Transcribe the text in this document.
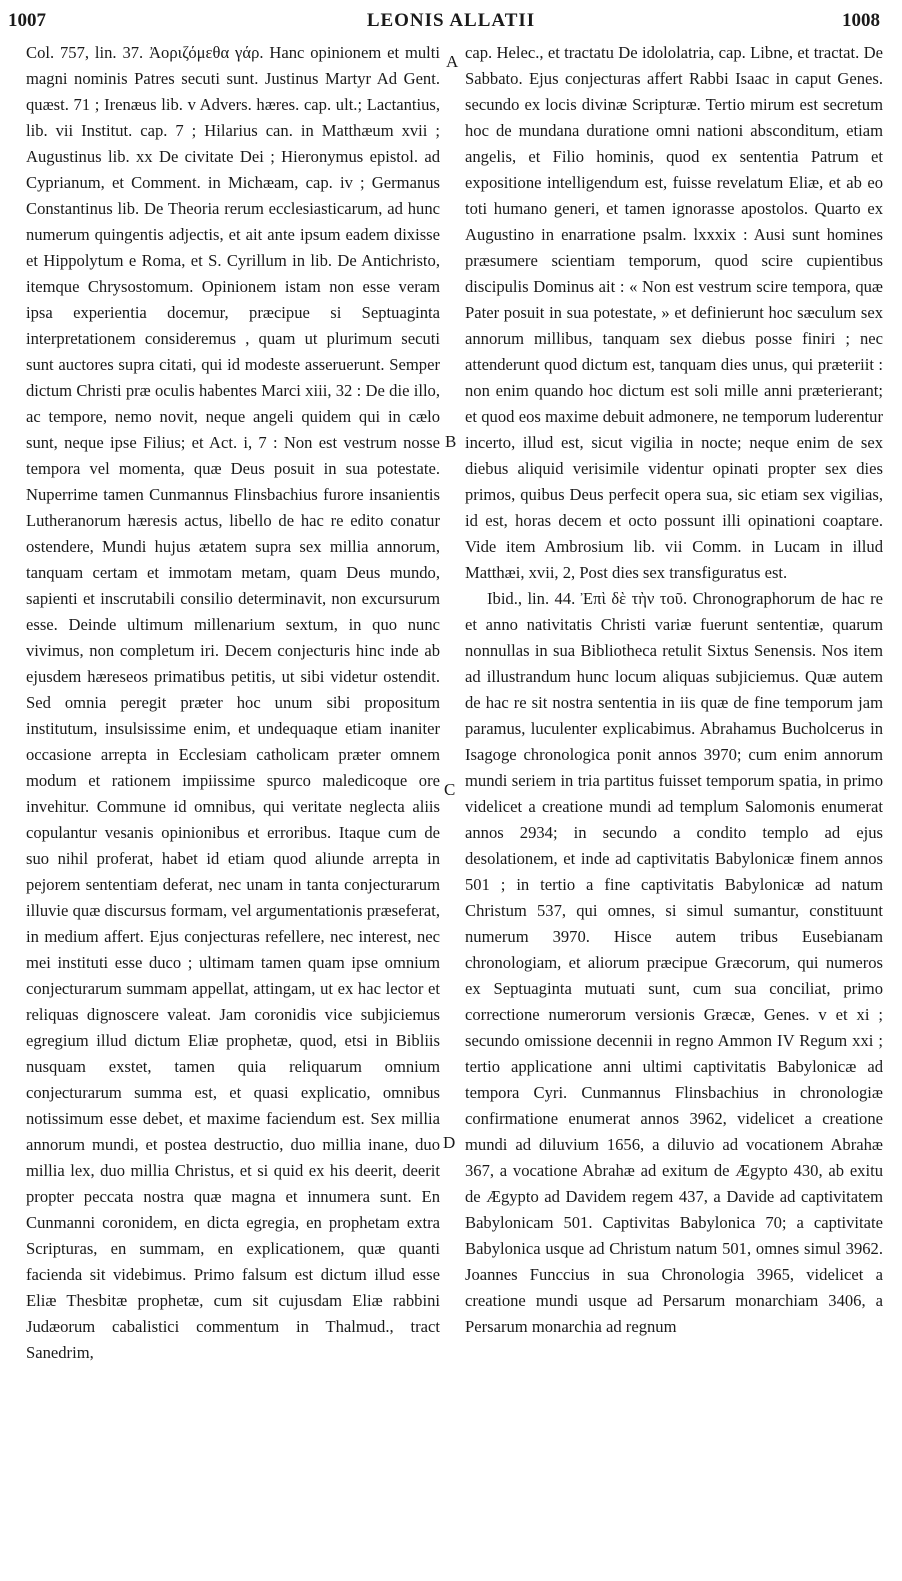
1007	LEONIS ALLATII	1008
A
B
C
D

Col. 757, lin. 37. Ἀοριζόμεθα γάρ. Hanc opinionem et multi magni nominis Patres secuti sunt. Justinus Martyr Ad Gent. quæst. 71 ; Irenæus lib. v Advers. hæres. cap. ult.; Lactantius, lib. vii Institut. cap. 7 ; Hilarius can. in Matthæum xvii ; Augustinus lib. xx De civitate Dei ; Hieronymus epistol. ad Cyprianum, et Comment. in Michæam, cap. iv ; Germanus Constantinus lib. De Theoria rerum ecclesiasticarum, ad hunc numerum quingentis adjectis, et ait ante ipsum eadem dixisse et Hippolytum e Roma, et S. Cyrillum in lib. De Antichristo, itemque Chrysostomum. Opinionem istam non esse veram ipsa experientia docemur, præcipue si Septuaginta interpretationem consideremus , quam ut plurimum secuti sunt auctores supra citati, qui id modeste asseruerunt. Semper dictum Christi præ oculis habentes Marci xiii, 32 : De die illo, ac tempore, nemo novit, neque angeli quidem qui in cælo sunt, neque ipse Filius; et Act. i, 7 : Non est vestrum nosse tempora vel momenta, quæ Deus posuit in sua potestate. Nuperrime tamen Cunmannus Flinsbachius furore insanientis Lutheranorum hæresis actus, libello de hac re edito conatur ostendere, Mundi hujus ætatem supra sex millia annorum, tanquam certam et immotam metam, quam Deus mundo, sapienti et inscrutabili consilio determinavit, non excursurum esse. Deinde ultimum millenarium sextum, in quo nunc vivimus, non completum iri. Decem conjecturis hinc inde ab ejusdem hæreseos primatibus petitis, ut sibi videtur ostendit. Sed omnia peregit præter hoc unum sibi propositum institutum, insulsissime enim, et undequaque etiam inaniter occasione arrepta in Ecclesiam catholicam præter omnem modum et rationem impiissime spurco maledicoque ore invehitur. Commune id omnibus, qui veritate neglecta aliis copulantur vesanis opinionibus et erroribus. Itaque cum de suo nihil proferat, habet id etiam quod aliunde arrepta in pejorem sententiam deferat, nec unam in tanta conjecturarum illuvie quæ discursus formam, vel argumentationis præseferat, in medium affert. Ejus conjecturas refellere, nec interest, nec mei instituti esse duco ; ultimam tamen quam ipse omnium conjecturarum summam appellat, attingam, ut ex hac lector et reliquas dignoscere valeat. Jam coronidis vice subjiciemus egregium illud dictum Eliæ prophetæ, quod, etsi in Bibliis nusquam exstet, tamen quia reliquarum omnium conjecturarum summa est, et quasi explicatio, omnibus notissimum esse debet, et maxime faciendum est. Sex millia annorum mundi, et postea destructio, duo millia inane, duo millia lex, duo millia Christus, et si quid ex his deerit, deerit propter peccata nostra quæ magna et innumera sunt. En Cunmanni coronidem, en dicta egregia, en prophetam extra Scripturas, en summam, en explicationem, quæ quanti facienda sit videbimus. Primo falsum est dictum illud esse Eliæ Thesbitæ prophetæ, cum sit cujusdam Eliæ rabbini Judæorum cabalistici commentum in Thalmud., tract Sanedrim,

cap. Helec., et tractatu De idololatria, cap. Libne, et tractat. De Sabbato. Ejus conjecturas affert Rabbi Isaac in caput Genes. secundo ex locis divinæ Scripturæ. Tertio mirum est secretum hoc de mundana duratione omni nationi absconditum, etiam angelis, et Filio hominis, quod ex sententia Patrum et expositione intelligendum est, fuisse revelatum Eliæ, et ab eo toti humano generi, et tamen ignorasse apostolos. Quarto ex Augustino in enarratione psalm. lxxxix : Ausi sunt homines præsumere scientiam temporum, quod scire cupientibus discipulis Dominus ait : « Non est vestrum scire tempora, quæ Pater posuit in sua potestate, » et definierunt hoc sæculum sex annorum millibus, tanquam sex diebus posse finiri ; nec attenderunt quod dictum est, tanquam dies unus, qui præteriit : non enim quando hoc dictum est soli mille anni præterierant; et quod eos maxime debuit admonere, ne temporum luderentur incerto, illud est, sicut vigilia in nocte; neque enim de sex diebus aliquid verisimile videntur opinati propter sex dies primos, quibus Deus perfecit opera sua, sic etiam sex vigilias, id est, horas decem et octo possunt illi opinationi coaptare. Vide item Ambrosium lib. vii Comm. in Lucam in illud Matthæi, xvii, 2, Post dies sex transfiguratus est.

Ibid., lin. 44. Ἐπὶ δὲ τὴν τοῦ. Chronographorum de hac re et anno nativitatis Christi variæ fuerunt sententiæ, quarum nonnullas in sua Bibliotheca retulit Sixtus Senensis. Nos item ad illustrandum hunc locum aliquas subjiciemus. Quæ autem de hac re sit nostra sententia in iis quæ de fine temporum jam paramus, luculenter explicabimus. Abrahamus Bucholcerus in Isagoge chronologica ponit annos 3970; cum enim annorum mundi seriem in tria partitus fuisset temporum spatia, in primo videlicet a creatione mundi ad templum Salomonis enumerat annos 2934; in secundo a condito templo ad ejus desolationem, et inde ad captivitatis Babylonicæ finem annos 501 ; in tertio a fine captivitatis Babylonicæ ad natum Christum 537, qui omnes, si simul sumantur, constituunt numerum 3970. Hisce autem tribus Eusebianam chronologiam, et aliorum præcipue Græcorum, qui numeros ex Septuaginta mutuati sunt, cum sua conciliat, primo correctione numerorum versionis Græcæ, Genes. v et xi ; secundo omissione decennii in regno Ammon IV Regum xxi ; tertio applicatione anni ultimi captivitatis Babylonicæ ad tempora Cyri. Cunmannus Flinsbachius in chronologiæ confirmatione enumerat annos 3962, videlicet a creatione mundi ad diluvium 1656, a diluvio ad vocationem Abrahæ 367, a vocatione Abrahæ ad exitum de Ægypto 430, ab exitu de Ægypto ad Davidem regem 437, a Davide ad captivitatem Babylonicam 501. Captivitas Babylonica 70; a captivitate Babylonica usque ad Christum natum 501, omnes simul 3962. Joannes Funccius in sua Chronologia 3965, videlicet a creatione mundi usque ad Persarum monarchiam 3406, a Persarum monarchia ad regnum
